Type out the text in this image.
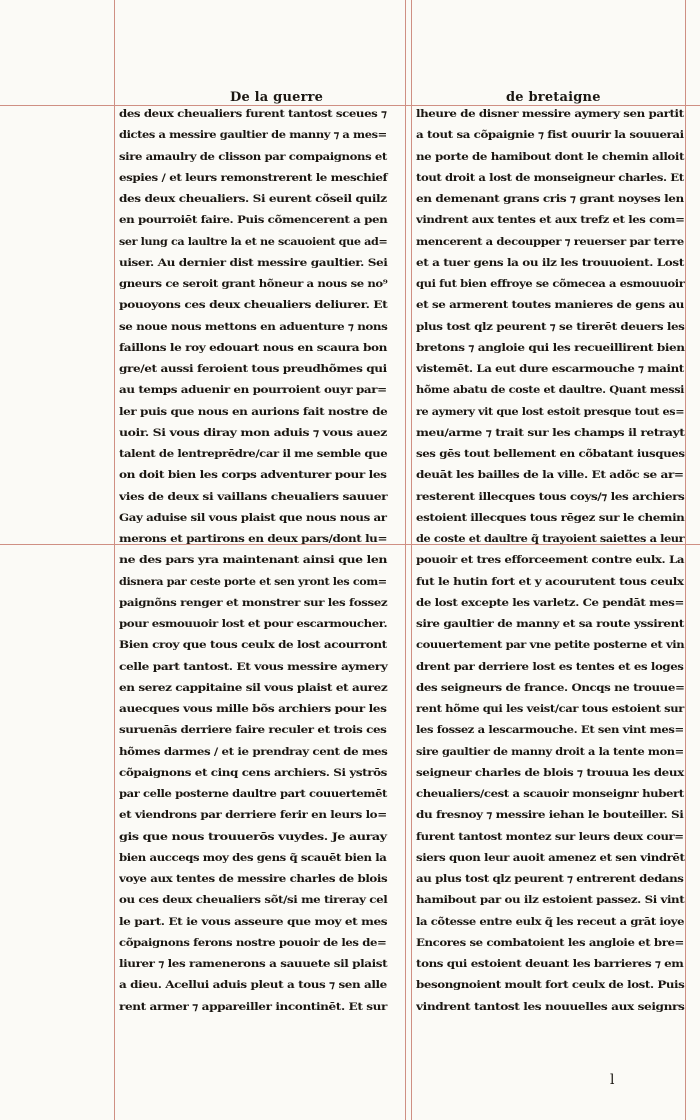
De la guerre	de bretaigne
des deux cheualiers furent tantost sceues ⁊
dictes a messire gaultier de manny ⁊ a mes=
sire amaulry de clisson par compaignons et
espies / et leurs remonstrerent le meschief
des deux cheualiers. Si eurent cõseil quilz
en pourroiēt faire. Puis cõmencerent a pen
ser lung ca laultre la et ne scauoient que ad=
uiser. Au dernier dist messire gaultier. Sei
gneurs ce seroit grant hõneur a nous se no⁹
pouoyons ces deux cheualiers deliurer. Et
se noue nous mettons en aduenture ⁊ nons
faillons le roy edouart nous en scaura bon
gre/et aussi feroient tous preudhõmes qui
au temps aduenir en pourroient ouyr par=
ler puis que nous en aurions fait nostre de
uoir. Si vous diray mon aduis ⁊ vous auez
talent de lentreprēdre/car il me semble que
on doit bien les corps adventurer pour les
vies de deux si vaillans cheualiers sauuer
Gay aduise sil vous plaist que nous nous ar
merons et partirons en deux pars/dont lu=
ne des pars yra maintenant ainsi que len
disnera par ceste porte et sen yront les com=
paignõns renger et monstrer sur les fossez
pour esmouuoir lost et pour escarmoucher.
Bien croy que tous ceulx de lost acourront
celle part tantost. Et vous messire aymery
en serez cappitaine sil vous plaist et aurez
auecques vous mille bõs archiers pour les
suruenās derriere faire reculer et trois ces
hõmes darmes / et ie prendray cent de mes
cõpaignons et cinq cens archiers. Si ystrōs
par celle posterne daultre part couuertemēt
et viendrons par derriere ferir en leurs lo=
gis que nous trouuerōs vuydes. Je auray
bien aucceqs moy des gens q̃ scauēt bien la
voye aux tentes de messire charles de blois
ou ces deux cheualiers sõt/si me tireray cel
le part. Et ie vous asseure que moy et mes
cõpaignons ferons nostre pouoir de les de=
liurer ⁊ les ramenerons a sauuete sil plaist
a dieu. Acellui aduis pleut a tous ⁊ sen alle
rent armer ⁊ appareiller incontinēt. Et sur
lheure de disner messire aymery sen partit
a tout sa cõpaignie ⁊ fist ouurir la souuerai
ne porte de hamibout dont le chemin alloit
tout droit a lost de monseigneur charles. Et
en demenant grans cris ⁊ grant noyses len
vindrent aux tentes et aux trefz et les com=
mencerent a decoupper ⁊ reuerser par terre
et a tuer gens la ou ilz les trouuoient. Lost
qui fut bien effroye se cõmecea a esmouuoir
et se armerent toutes manieres de gens au
plus tost qlz peurent ⁊ se tirerēt deuers les
bretons ⁊ angloie qui les recueillirent bien
vistemēt. La eut dure escarmouche ⁊ maint
hõme abatu de coste et daultre. Quant messi
re aymery vit que lost estoit presque tout es=
meu/arme ⁊ trait sur les champs il retrayt
ses gēs tout bellement en cõbatant iusques
deuāt les bailles de la ville. Et adõc se ar=
resterent illecques tous coys/⁊ les archiers
estoient illecques tous rēgez sur le chemin
de coste et daultre q̃ trayoient saiettes a leur
pouoir et tres efforceement contre eulx. La
fut le hutin fort et y acourutent tous ceulx
de lost excepte les varletz. Ce pendāt mes=
sire gaultier de manny et sa route yssirent
couuertement par vne petite posterne et vin
drent par derriere lost es tentes et es loges
des seigneurs de france. Oncqs ne trouue=
rent hõme qui les veist/car tous estoient sur
les fossez a lescarmouche. Et sen vint mes=
sire gaultier de manny droit a la tente mon=
seigneur charles de blois ⁊ trouua les deux
cheualiers/cest a scauoir monseignr hubert
du fresnoy ⁊ messire iehan le bouteiller. Si
furent tantost montez sur leurs deux cour=
siers quon leur auoit amenez et sen vindrēt
au plus tost qlz peurent ⁊ entrerent dedans
hamibout par ou ilz estoient passez. Si vint
la cõtesse entre eulx q̃ les receut a grāt ioye
Encores se combatoient les angloie et bre=
tons qui estoient deuant les barrieres ⁊ em
besongnoient moult fort ceulx de lost. Puis
vindrent tantost les nouuelles aux seignrs
l
